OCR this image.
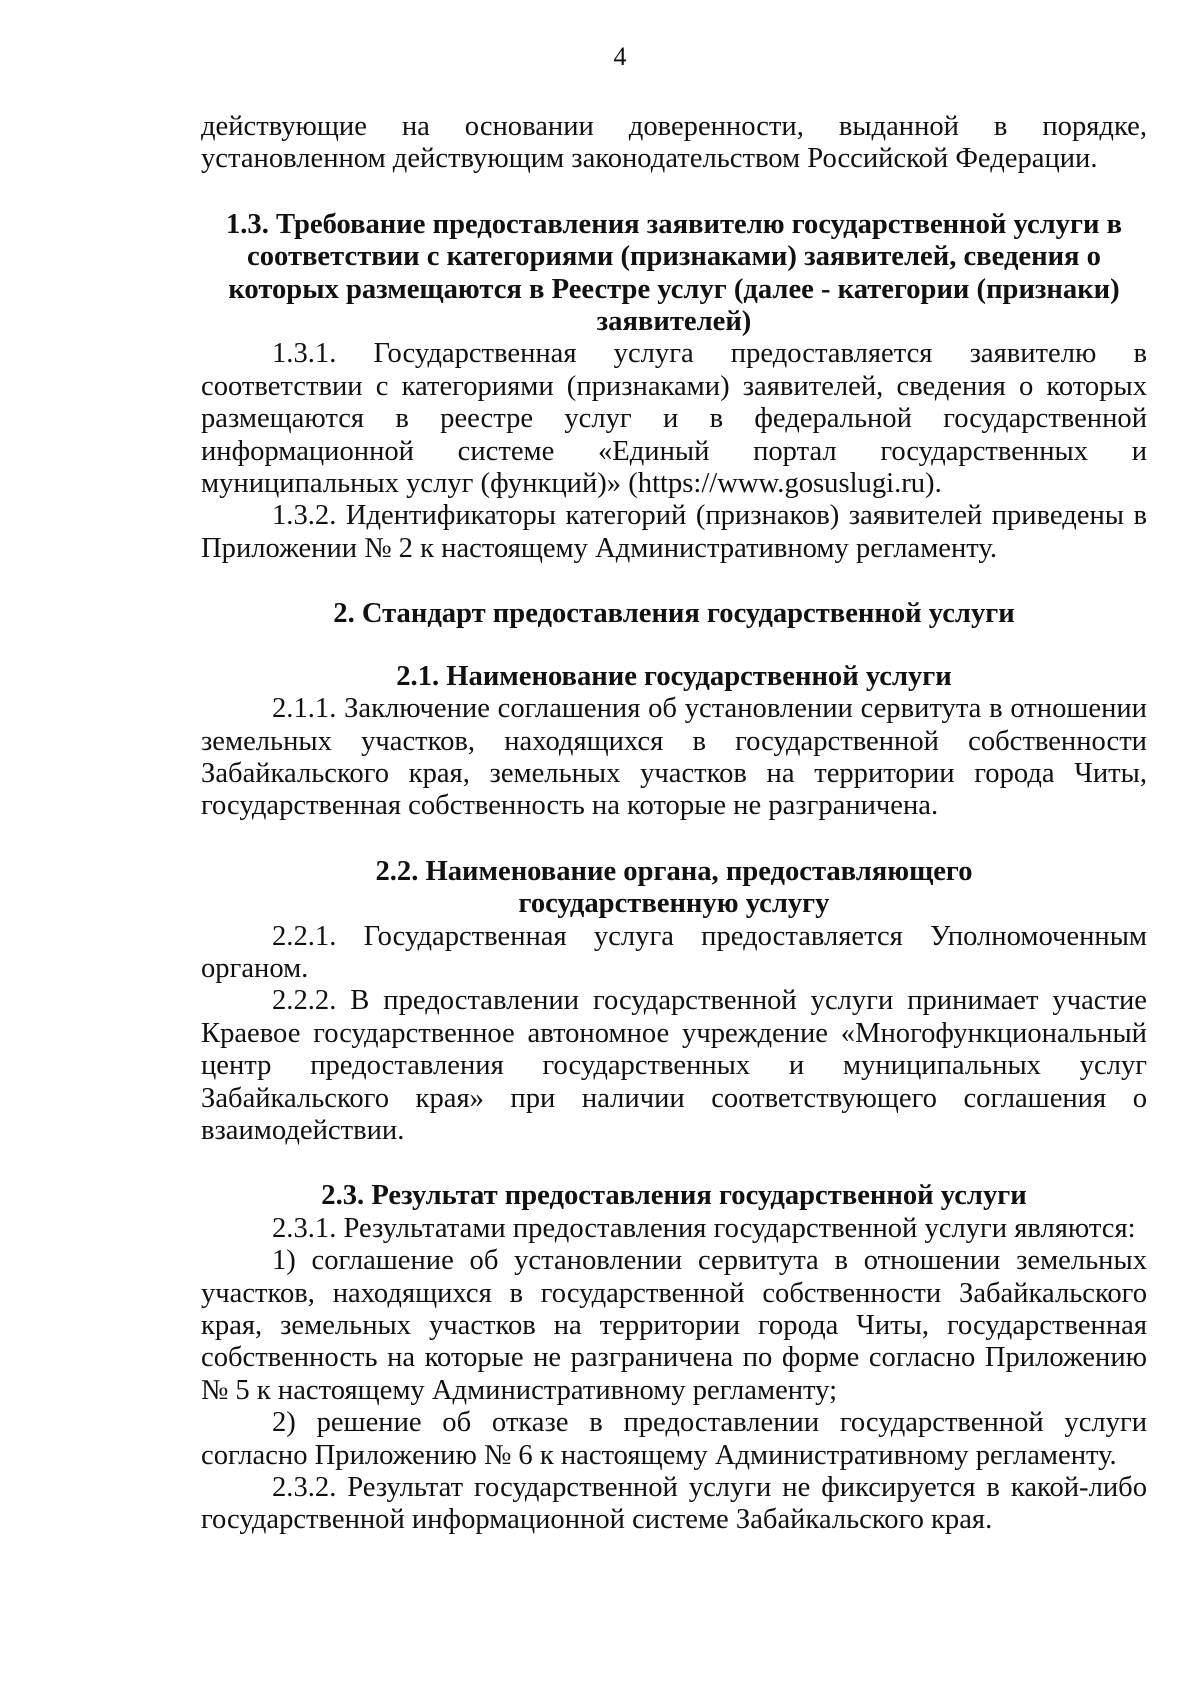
4

действующие на основании доверенности, выданной в порядке, установленном действующим законодательством Российской Федерации.

1.3. Требование предоставления заявителю государственной услуги в
соответствии с категориями (признаками) заявителей, сведения о
которых размещаются в Реестре услуг (далее - категории (признаки)
заявителей)

1.3.1. Государственная услуга предоставляется заявителю в соответствии с категориями (признаками) заявителей, сведения о которых размещаются в реестре услуг и в федеральной государственной информационной системе «Единый портал государственных и муниципальных услуг (функций)» (https://www.gosuslugi.ru).

1.3.2. Идентификаторы категорий (признаков) заявителей приведены в Приложении № 2 к настоящему Административному регламенту.

2. Стандарт предоставления государственной услуги
2.1. Наименование государственной услуги

2.1.1. Заключение соглашения об установлении сервитута в отношении земельных участков, находящихся в государственной собственности Забайкальского края, земельных участков на территории города Читы, государственная собственность на которые не разграничена.

2.2. Наименование органа, предоставляющего
государственную услугу

2.2.1. Государственная услуга предоставляется Уполномоченным органом.

2.2.2. В предоставлении государственной услуги принимает участие Краевое государственное автономное учреждение «Многофункциональный центр предоставления государственных и муниципальных услуг Забайкальского края» при наличии соответствующего соглашения о взаимодействии.

2.3. Результат предоставления государственной услуги

2.3.1. Результатами предоставления государственной услуги являются:

1) соглашение об установлении сервитута в отношении земельных участков, находящихся в государственной собственности Забайкальского края, земельных участков на территории города Читы, государственная собственность на которые не разграничена по форме согласно Приложению № 5 к настоящему Административному регламенту;

2) решение об отказе в предоставлении государственной услуги согласно Приложению № 6 к настоящему Административному регламенту.

2.3.2. Результат государственной услуги не фиксируется в какой-либо государственной информационной системе Забайкальского края.
